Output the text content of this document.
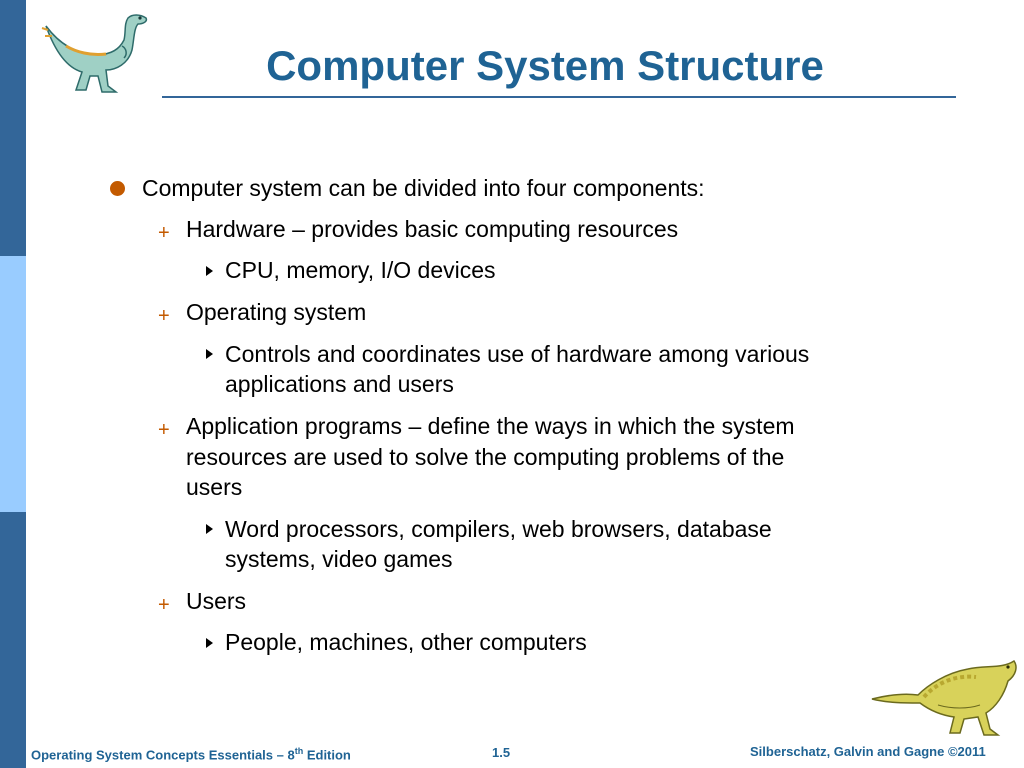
Computer System Structure
Computer system can be divided into four components:
+ Hardware – provides basic computing resources
CPU, memory, I/O devices
+ Operating system
Controls and coordinates use of hardware among various
applications and users
+ Application programs – define the ways in which the system
resources are used to solve the computing problems of the
users
Word processors, compilers, web browsers, database
systems, video games
+ Users
People, machines, other computers
Operating System Concepts Essentials – 8th Edition	1.5	Silberschatz, Galvin and Gagne ©2011
